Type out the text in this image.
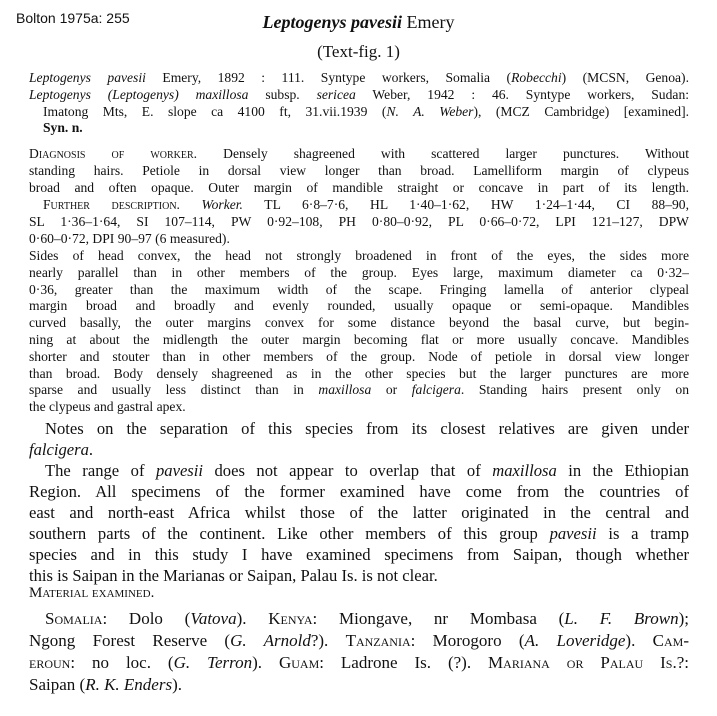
Bolton 1975a: 255	Leptogenys pavesii Emery
(Text-fig. 1)
Leptogenys pavesii Emery, 1892 : 111. Syntype workers, Somalia (Robecchi) (MCSN, Genoa).
Leptogenys (Leptogenys) maxillosa subsp. sericea Weber, 1942 : 46. Syntype workers, Sudan:
Imatong Mts, E. slope ca 4100 ft, 31.vii.1939 (N. A. Weber), (MCZ Cambridge) [examined].
Syn. n.
Diagnosis of worker. Densely shagreened with scattered larger punctures. Without
standing hairs. Petiole in dorsal view longer than broad. Lamelliform margin of clypeus
broad and often opaque. Outer margin of mandible straight or concave in part of its length.
Further description. Worker. TL 6·8–7·6, HL 1·40–1·62, HW 1·24–1·44, CI 88–90,
SL 1·36–1·64, SI 107–114, PW 0·92–108, PH 0·80–0·92, PL 0·66–0·72, LPI 121–127, DPW
0·60–0·72, DPI 90–97 (6 measured).
Sides of head convex, the head not strongly broadened in front of the eyes, the sides more
nearly parallel than in other members of the group. Eyes large, maximum diameter ca 0·32–
0·36, greater than the maximum width of the scape. Fringing lamella of anterior clypeal
margin broad and broadly and evenly rounded, usually opaque or semi-opaque. Mandibles
curved basally, the outer margins convex for some distance beyond the basal curve, but begin-
ning at about the midlength the outer margin becoming flat or more usually concave. Mandibles
shorter and stouter than in other members of the group. Node of petiole in dorsal view longer
than broad. Body densely shagreened as in the other species but the larger punctures are more
sparse and usually less distinct than in maxillosa or falcigera. Standing hairs present only on
the clypeus and gastral apex.
Notes on the separation of this species from its closest relatives are given under
falcigera.
The range of pavesii does not appear to overlap that of maxillosa in the Ethiopian
Region. All specimens of the former examined have come from the countries of
east and north-east Africa whilst those of the latter originated in the central and
southern parts of the continent. Like other members of this group pavesii is a tramp
species and in this study I have examined specimens from Saipan, though whether
this is Saipan in the Marianas or Saipan, Palau Is. is not clear.
Material examined.
Somalia: Dolo (Vatova). Kenya: Miongave, nr Mombasa (L. F. Brown);
Ngong Forest Reserve (G. Arnold?). Tanzania: Morogoro (A. Loveridge). Cam-
eroun: no loc. (G. Terron). Guam: Ladrone Is. (?). Mariana or Palau Is.?:
Saipan (R. K. Enders).
